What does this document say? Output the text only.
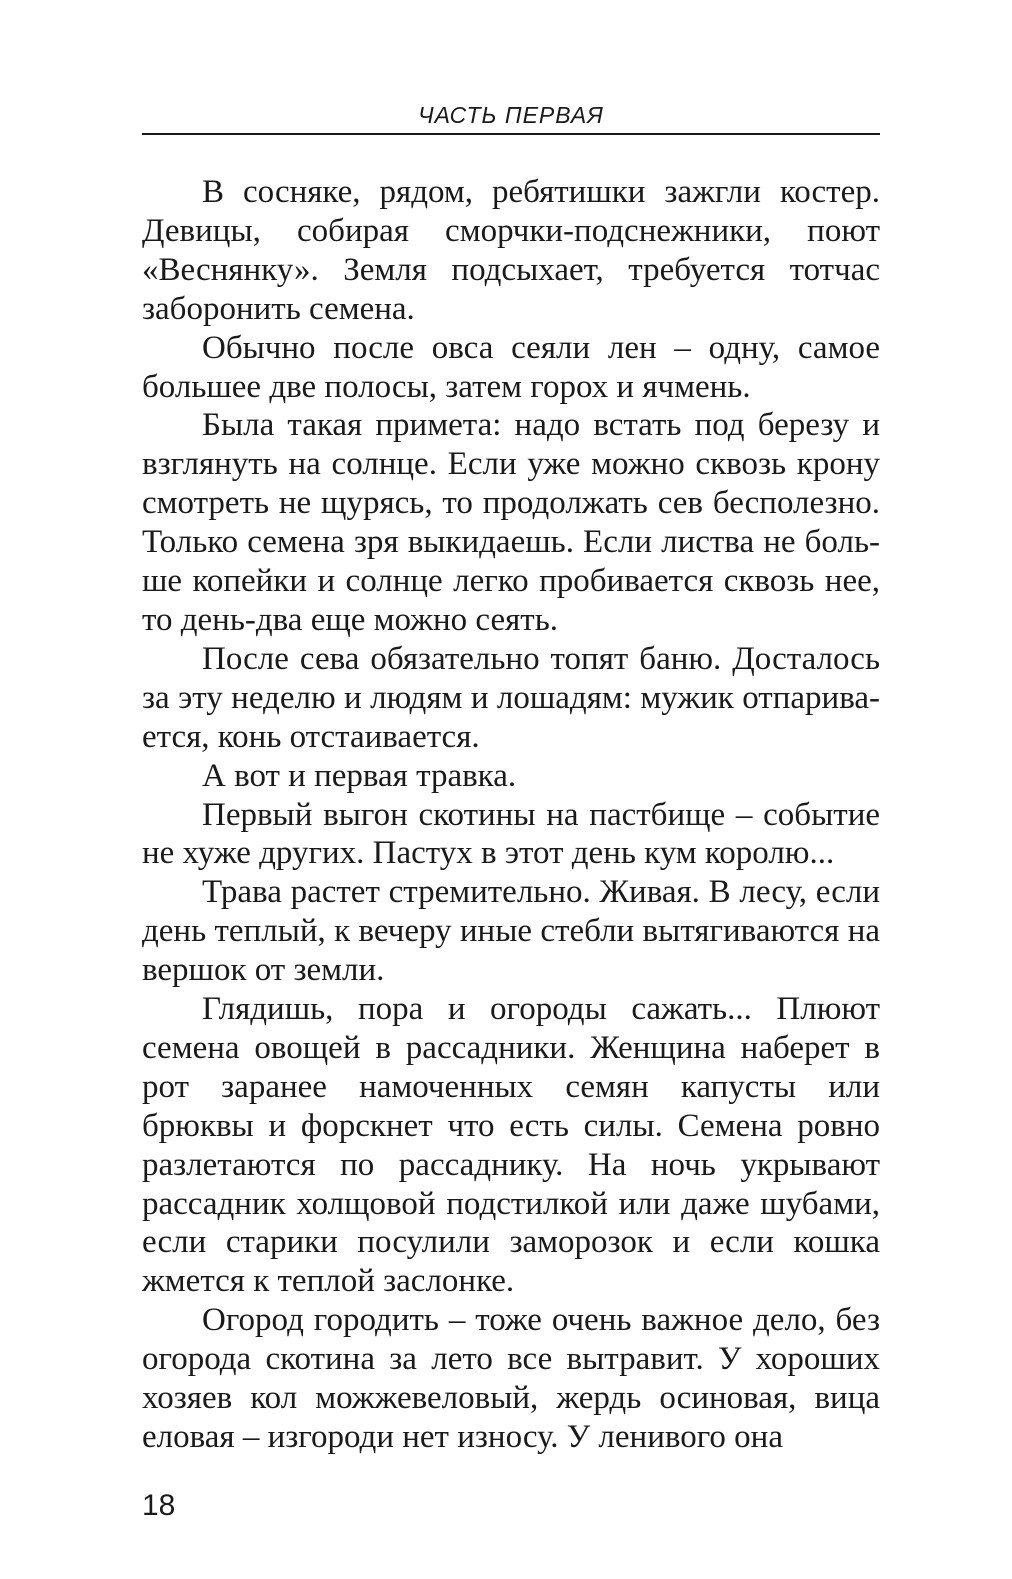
ЧАСТЬ ПЕРВАЯ

В сосняке, рядом, ребятишки зажгли костер. Девицы, собирая сморчки-подснежники, поют «Веснянку». Земля подсыхает, требуется тотчас заборонить семена.

Обычно после овса сеяли лен – одну, самое большее две полосы, затем горох и ячмень.

Была такая примета: надо встать под березу и взглянуть на солнце. Если уже можно сквозь крону смотреть не щурясь, то продолжать сев бесполезно. Только семена зря выкидаешь. Если листва не больше копейки и солнце легко пробивается сквозь нее, то день-два еще можно сеять.

После сева обязательно топят баню. Досталось за эту неделю и людям и лошадям: мужик отпаривается, конь отстаивается.

А вот и первая травка.

Первый выгон скотины на пастбище – событие не хуже других. Пастух в этот день кум королю...

Трава растет стремительно. Живая. В лесу, если день теплый, к вечеру иные стебли вытягиваются на вершок от земли.

Глядишь, пора и огороды сажать... Плюют семена овощей в рассадники. Женщина наберет в рот заранее намоченных семян капусты или брюквы и форскнет что есть силы. Семена ровно разлетаются по рассаднику. На ночь укрывают рассадник холщовой подстилкой или даже шубами, если старики посулили заморозок и если кошка жмется к теплой заслонке.

Огород городить – тоже очень важное дело, без огорода скотина за лето все вытравит. У хороших хозяев кол можжевеловый, жердь осиновая, вица еловая – изгороди нет износу. У ленивого она

18
